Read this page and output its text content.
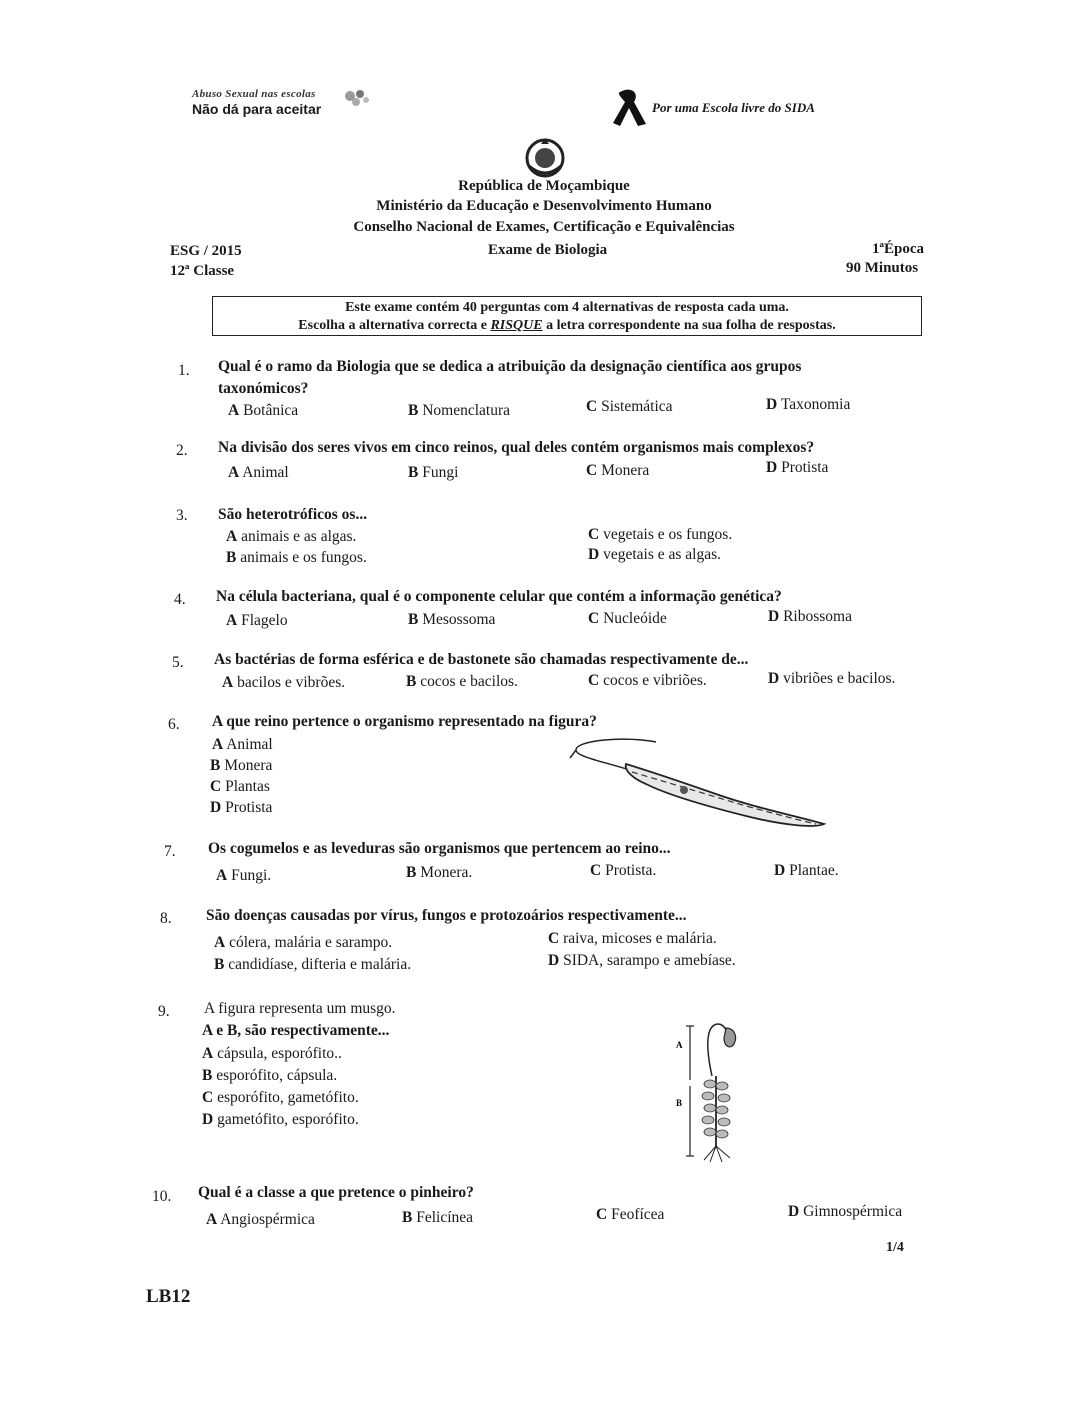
Abuso Sexual nas escolas
Não dá para aceitar	Por uma Escola livre do SIDA
República de Moçambique
Ministério da Educação e Desenvolvimento Humano
Conselho Nacional de Exames, Certificação e Equivalências
ESG / 2015
12ª Classe
Exame de Biologia	1ªÉpoca
90 Minutos
Este exame contém 40 perguntas com 4 alternativas de resposta cada uma.
Escolha a alternativa correcta e RISQUE a letra correspondente na sua folha de respostas.
1. Qual é o ramo da Biologia que se dedica a atribuição da designação científica aos grupos
taxonómicos?
A Botânica	B Nomenclatura	C Sistemática	D Taxonomia
2. Na divisão dos seres vivos em cinco reinos, qual deles contém organismos mais complexos?
A Animal	B Fungi	C Monera	D Protista
3. São heterotróficos os...
A animais e as algas.
B animais e os fungos.
C vegetais e os fungos.
D vegetais e as algas.
4. Na célula bacteriana, qual é o componente celular que contém a informação genética?
A Flagelo	B Mesossoma	C Nucleóide	D Ribossoma
5. As bactérias de forma esférica e de bastonete são chamadas respectivamente de...
A bacilos e vibrões.	B cocos e bacilos.	C cocos e vibriões.	D vibriões e bacilos.
6. A que reino pertence o organismo representado na figura?
A Animal
B Monera
C Plantas
D Protista
7. Os cogumelos e as leveduras são organismos que pertencem ao reino...
A Fungi.	B Monera.	C Protista.	D Plantae.
8. São doenças causadas por vírus, fungos e protozoários respectivamente...
A cólera, malária e sarampo.
B candidíase, difteria e malária.
C raiva, micoses e malária.
D SIDA, sarampo e amebíase.
9. A figura representa um musgo.
A e B, são respectivamente...
A cápsula, esporófito..
B esporófito, cápsula.
C esporófito, gametófito.
D gametófito, esporófito.
A
B
10. Qual é a classe a que pretence o pinheiro?
A Angiospérmica	B Felicínea	C Feofícea	D Gimnospérmica
1/4
LB12
